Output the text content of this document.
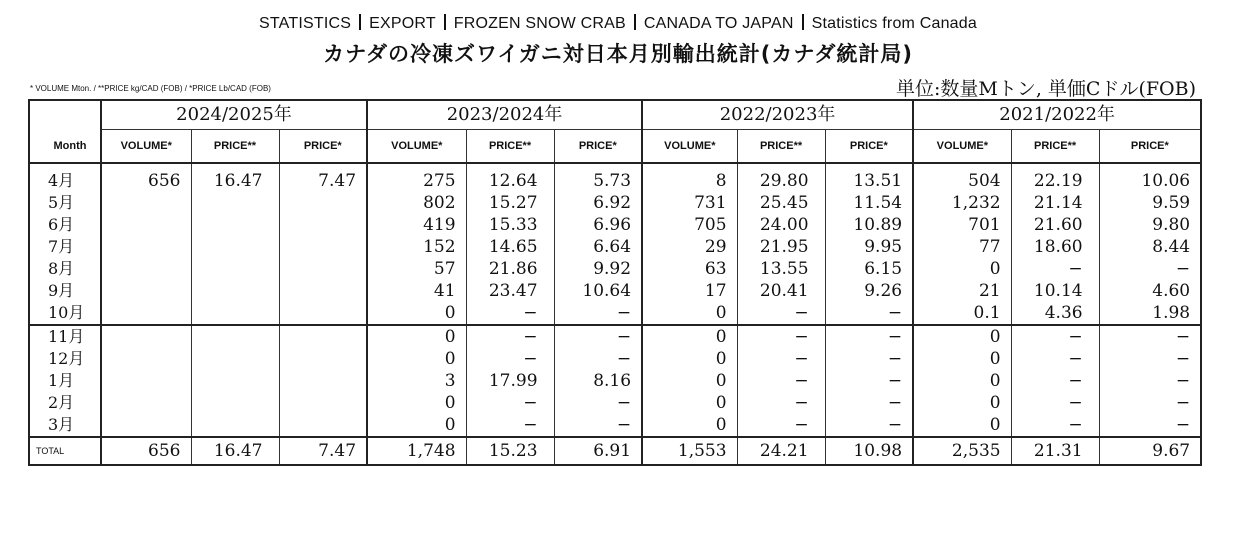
STATISTICS EXPORT FROZEN SNOW CRAB CANADA TO JAPAN Statistics from Canada
カナダの冷凍ズワイガニ対日本月別輸出統計(カナダ統計局)
* VOLUME Mton. / **PRICE kg/CAD (FOB) / *PRICE Lb/CAD (FOB)	単位:数量Mトン, 単価Cドル(FOB)
	2024/2025年			2023/2024年			2022/2023年			2021/2022年		
Month	VOLUME*	PRICE**	PRICE*	VOLUME*	PRICE**	PRICE*	VOLUME*	PRICE**	PRICE*	VOLUME*	PRICE**	PRICE*
4月	656	16.47	7.47	275	12.64	5.73	8	29.80	13.51	504	22.19	10.06
5月				802	15.27	6.92	731	25.45	11.54	1,232	21.14	9.59
6月				419	15.33	6.96	705	24.00	10.89	701	21.60	9.80
7月				152	14.65	6.64	29	21.95	9.95	77	18.60	8.44
8月				57	21.86	9.92	63	13.55	6.15	0	−	−
9月				41	23.47	10.64	17	20.41	9.26	21	10.14	4.60
10月				0	−	−	0	−	−	0.1	4.36	1.98
11月				0	−	−	0	−	−	0	−	−
12月				0	−	−	0	−	−	0	−	−
1月				3	17.99	8.16	0	−	−	0	−	−
2月				0	−	−	0	−	−	0	−	−
3月				0	−	−	0	−	−	0	−	−
TOTAL	656	16.47	7.47	1,748	15.23	6.91	1,553	24.21	10.98	2,535	21.31	9.67
